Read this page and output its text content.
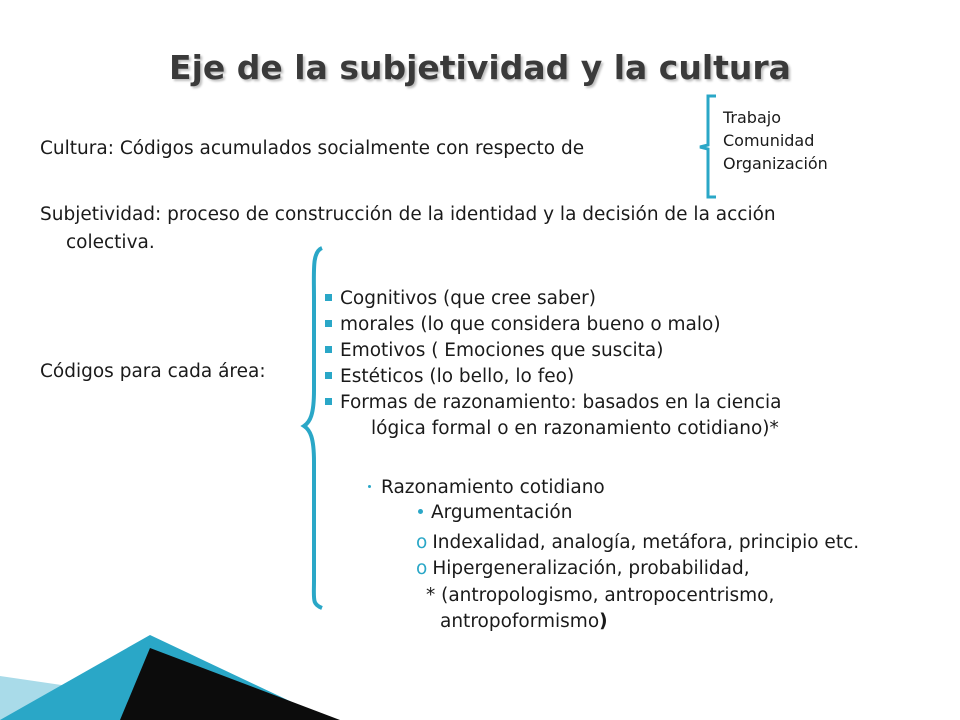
Eje de la subjetividad y la cultura
Cultura: Códigos acumulados socialmente con respecto de
Trabajo
Comunidad
Organización
Subjetividad: proceso de construcción de la identidad y la decisión de la acción
colectiva.
Códigos para cada área:
Cognitivos (que cree saber)
morales (lo que considera bueno o malo)
Emotivos ( Emociones que suscita)
Estéticos (lo bello, lo feo)
Formas de razonamiento: basados en la ciencia
lógica formal o en razonamiento cotidiano)*
Razonamiento cotidiano
Argumentación
o Indexalidad, analogía, metáfora, principio etc.
o Hipergeneralización, probabilidad,
* (antropologismo, antropocentrismo,
antropoformismo)
